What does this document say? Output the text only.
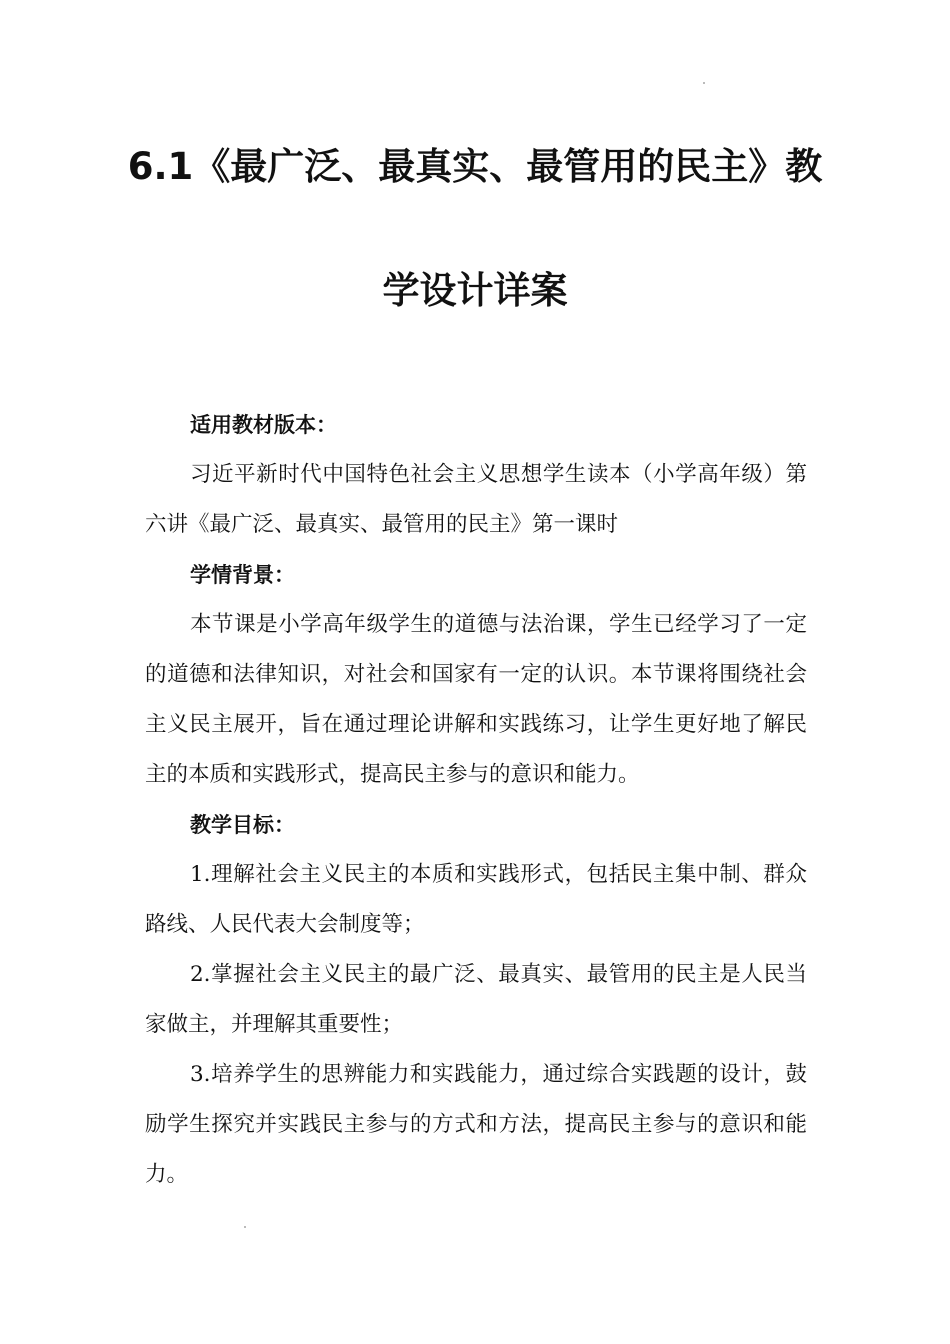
6.1《最广泛、最真实、最管用的民主》教
学设计详案

适用教材版本：

习近平新时代中国特色社会主义思想学生读本（小学高年级）第六讲《最广泛、最真实、最管用的民主》第一课时

学情背景：

本节课是小学高年级学生的道德与法治课，学生已经学习了一定的道德和法律知识，对社会和国家有一定的认识。本节课将围绕社会主义民主展开，旨在通过理论讲解和实践练习，让学生更好地了解民主的本质和实践形式，提高民主参与的意识和能力。

教学目标：

1.理解社会主义民主的本质和实践形式，包括民主集中制、群众路线、人民代表大会制度等；

2.掌握社会主义民主的最广泛、最真实、最管用的民主是人民当家做主，并理解其重要性；

3.培养学生的思辨能力和实践能力，通过综合实践题的设计，鼓励学生探究并实践民主参与的方式和方法，提高民主参与的意识和能力。
